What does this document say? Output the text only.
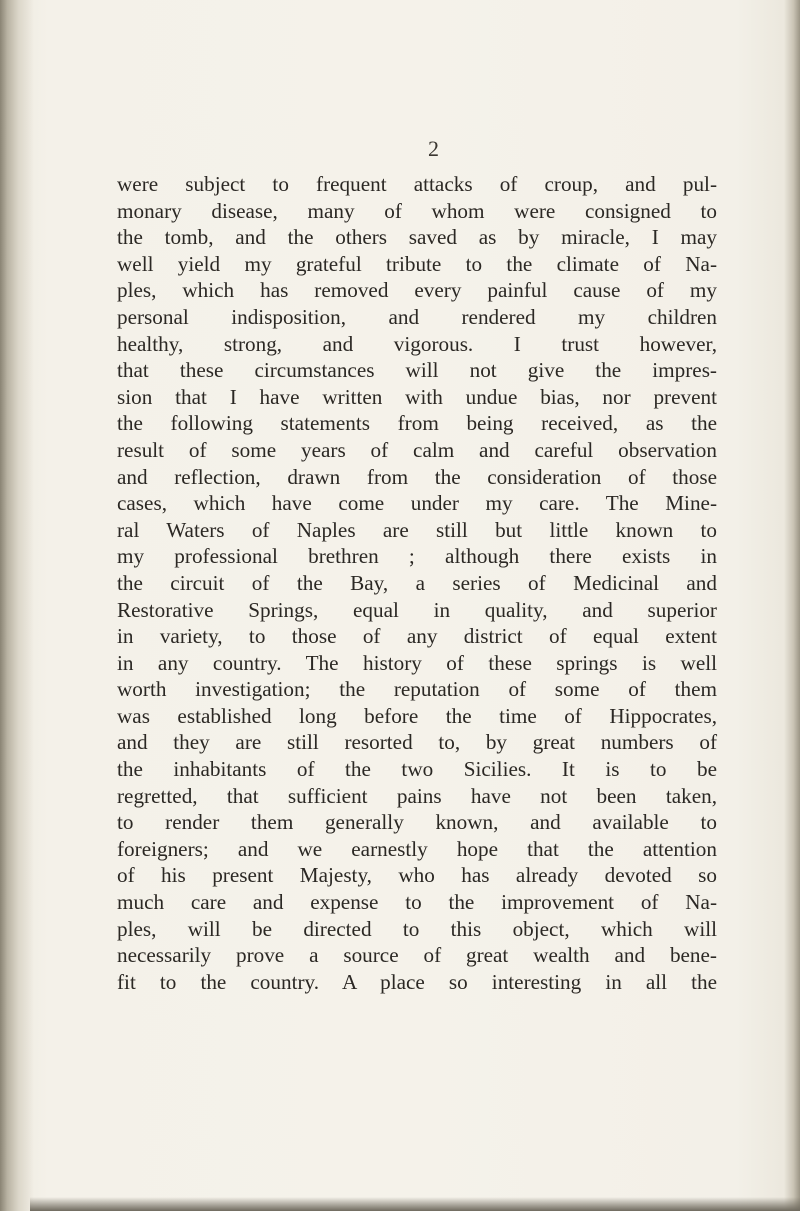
2
were subject to frequent attacks of croup, and pul-
monary disease, many of whom were consigned to
the tomb, and the others saved as by miracle, I may
well yield my grateful tribute to the climate of Na-
ples, which has removed every painful cause of my
personal indisposition, and rendered my children
healthy, strong, and vigorous. I trust however,
that these circumstances will not give the impres-
sion that I have written with undue bias, nor prevent
the following statements from being received, as the
result of some years of calm and careful observation
and reflection, drawn from the consideration of those
cases, which have come under my care. The Mine-
ral Waters of Naples are still but little known to
my professional brethren ; although there exists in
the circuit of the Bay, a series of Medicinal and
Restorative Springs, equal in quality, and superior
in variety, to those of any district of equal extent
in any country. The history of these springs is well
worth investigation; the reputation of some of them
was established long before the time of Hippocrates,
and they are still resorted to, by great numbers of
the inhabitants of the two Sicilies. It is to be
regretted, that sufficient pains have not been taken,
to render them generally known, and available to
foreigners; and we earnestly hope that the attention
of his present Majesty, who has already devoted so
much care and expense to the improvement of Na-
ples, will be directed to this object, which will
necessarily prove a source of great wealth and bene-
fit to the country. A place so interesting in all the
